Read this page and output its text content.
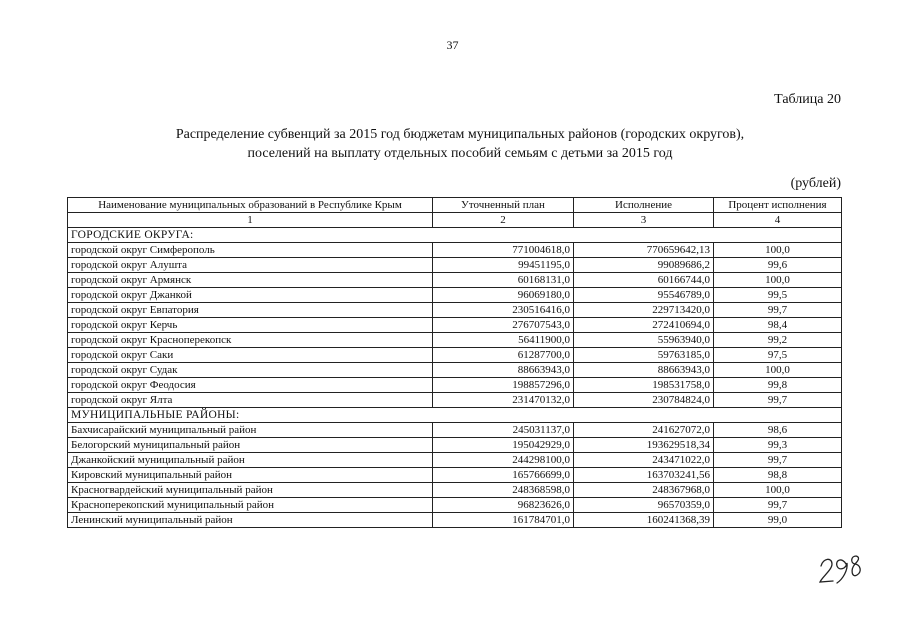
37
Таблица 20
Распределение субвенций за 2015 год бюджетам муниципальных районов (городских округов),
поселений на выплату отдельных пособий семьям с детьми за 2015 год
(рублей)
Наименование муниципальных образований в Республике Крым	Уточненный план	Исполнение	Процент исполнения
1	2	3	4
ГОРОДСКИЕ ОКРУГА:			
городской округ Симферополь	771004618,0	770659642,13	100,0
городской округ Алушта	99451195,0	99089686,2	99,6
городской округ Армянск	60168131,0	60166744,0	100,0
городской округ Джанкой	96069180,0	95546789,0	99,5
городской округ Евпатория	230516416,0	229713420,0	99,7
городской округ Керчь	276707543,0	272410694,0	98,4
городской округ Красноперекопск	56411900,0	55963940,0	99,2
городской округ Саки	61287700,0	59763185,0	97,5
городской округ Судак	88663943,0	88663943,0	100,0
городской округ Феодосия	198857296,0	198531758,0	99,8
городской округ Ялта	231470132,0	230784824,0	99,7
МУНИЦИПАЛЬНЫЕ РАЙОНЫ:			
Бахчисарайский муниципальный район	245031137,0	241627072,0	98,6
Белогорский муниципальный район	195042929,0	193629518,34	99,3
Джанкойский муниципальный район	244298100,0	243471022,0	99,7
Кировский муниципальный район	165766699,0	163703241,56	98,8
Красногвардейский муниципальный район	248368598,0	248367968,0	100,0
Красноперекопский муниципальный район	96823626,0	96570359,0	99,7
Ленинский муниципальный район	161784701,0	160241368,39	99,0
